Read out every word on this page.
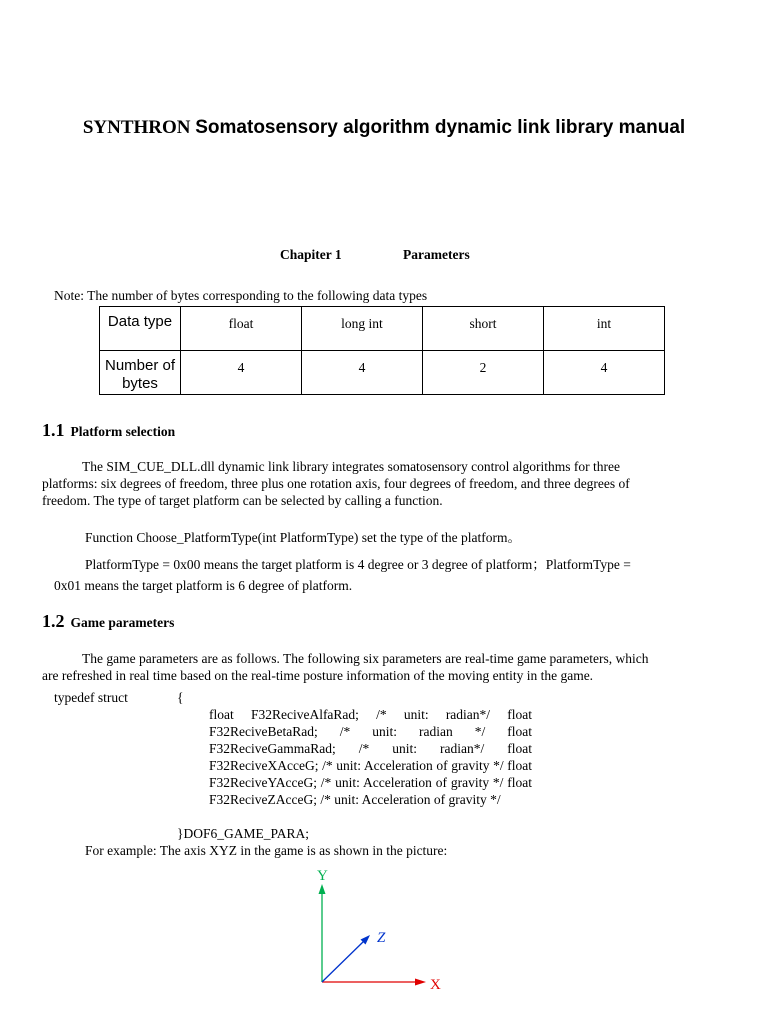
SYNTHRON Somatosensory algorithm dynamic link library manual
Chapiter 1	Parameters
Note: The number of bytes corresponding to the following data types
Data type	float	long int	short	int
Number of bytes	4	4	2	4
1.1 Platform selection
The SIM_CUE_DLL.dll dynamic link library integrates somatosensory control algorithms for three
platforms: six degrees of freedom, three plus one rotation axis, four degrees of freedom, and three degrees of
freedom. The type of target platform can be selected by calling a function.
Function Choose_PlatformType(int PlatformType) set the type of the platform。
PlatformType = 0x00 means the target platform is 4 degree or 3 degree of platform；PlatformType =
0x01 means the target platform is 6 degree of platform.
1.2 Game parameters
The game parameters are as follows. The following six parameters are real-time game parameters, which
are refreshed in real time based on the real-time posture information of the moving entity in the game.
typedef struct	{
float F32ReciveAlfaRad; /* unit: radian*/ float F32ReciveBetaRad; /* unit: radian */ float F32ReciveGammaRad; /* unit: radian*/ float F32ReciveXAcceG; /* unit: Acceleration of gravity */ float F32ReciveYAcceG; /* unit: Acceleration of gravity */ float F32ReciveZAcceG; /* unit: Acceleration of gravity */
}DOF6_GAME_PARA;
For example: The axis XYZ in the game is as shown in the picture:
Y
Z
X
